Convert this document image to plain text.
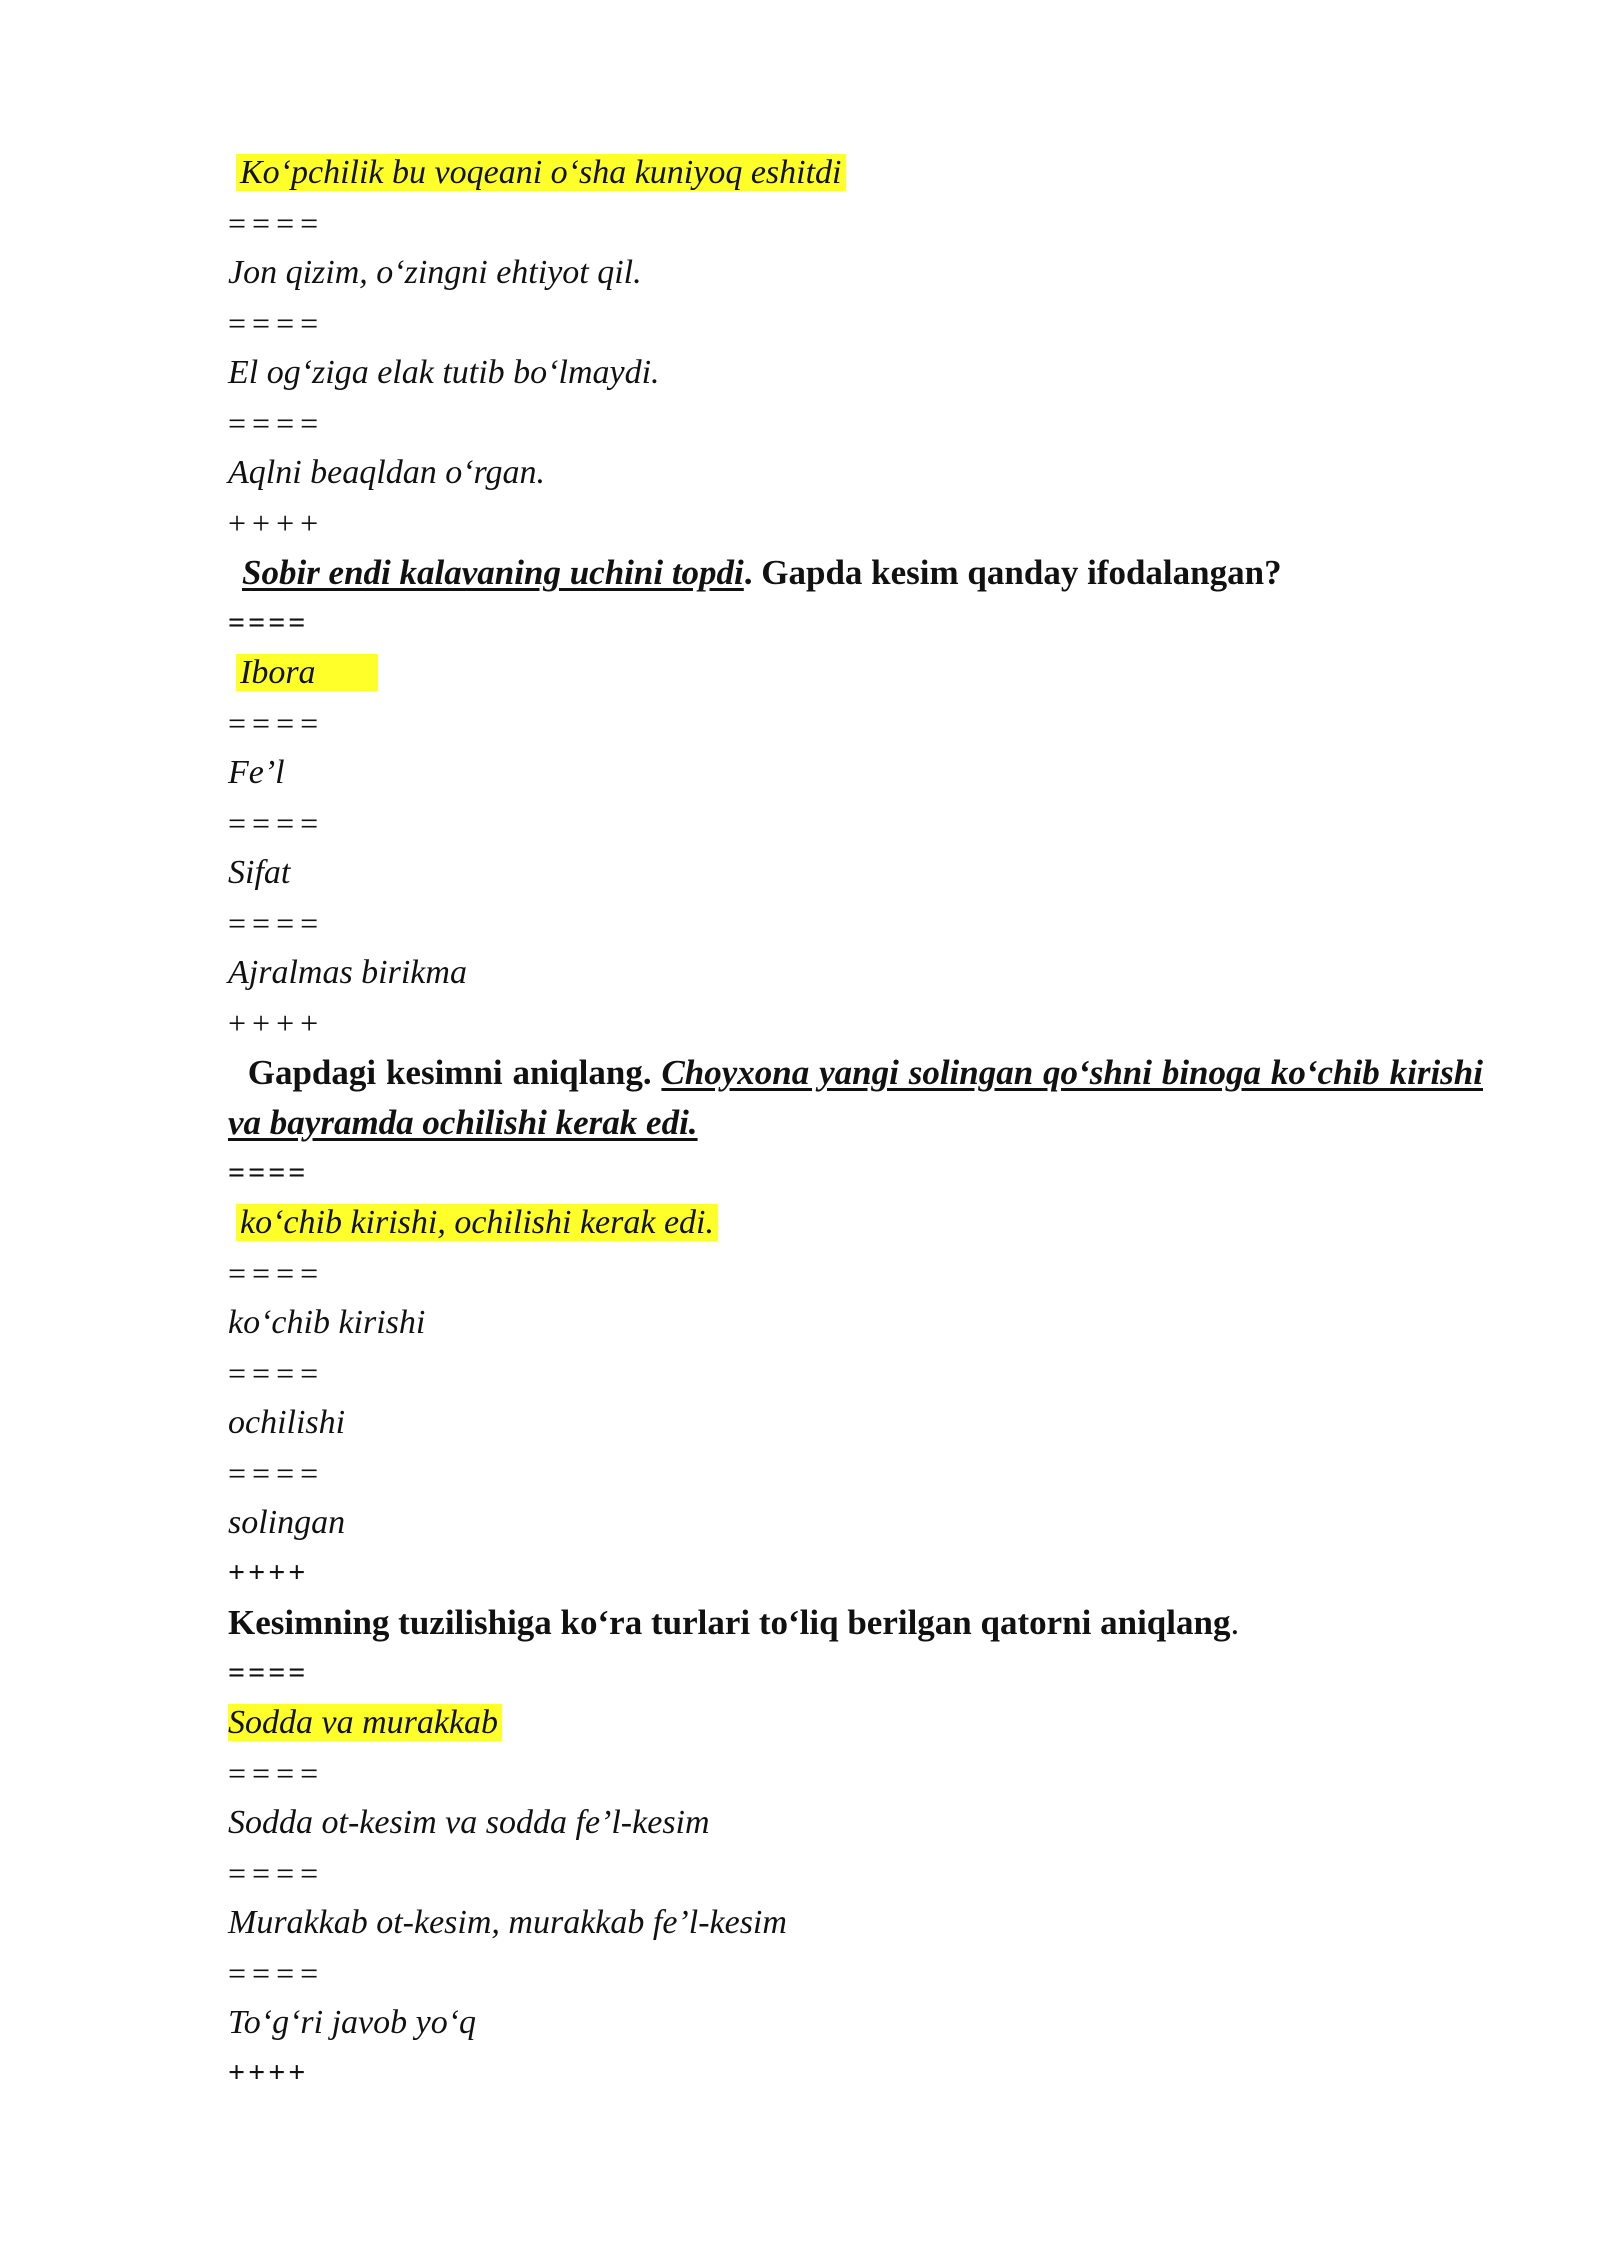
Ko‘pchilik bu voqeani o‘sha kuniyoq eshitdi
====
Jon qizim, o‘zingni ehtiyot qil.
====
El og‘ziga elak tutib bo‘lmaydi.
====
Aqlni beaqldan o‘rgan.
++++
Sobir endi kalavaning uchini topdi. Gapda kesim qanday ifodalangan?
====
Ibora
====
Fe’l
====
Sifat
====
Ajralmas birikma
++++
Gapdagi kesimni aniqlang. Choyxona yangi solingan qo‘shni binoga ko‘chib kirishi va bayramda ochilishi kerak edi.
====
ko‘chib kirishi, ochilishi kerak edi.
====
ko‘chib kirishi
====
ochilishi
====
solingan
++++
Kesimning tuzilishiga ko‘ra turlari to‘liq berilgan qatorni aniqlang.
====
Sodda va murakkab
====
Sodda ot-kesim va sodda fe’l-kesim
====
Murakkab ot-kesim, murakkab fe’l-kesim
====
To‘g‘ri javob yo‘q
++++
